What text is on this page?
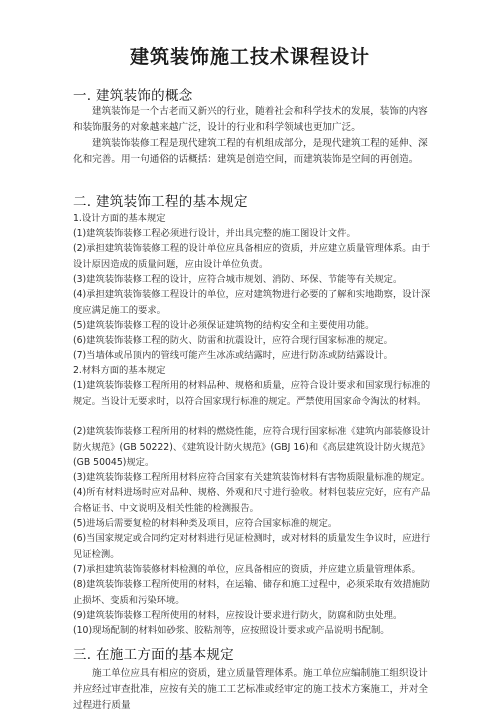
建筑装饰施工技术课程设计
一. 建筑装饰的概念

建筑装饰是一个古老而又新兴的行业，随着社会和科学技术的发展，装饰的内容和装饰服务的对象越来越广泛，设计的行业和科学领域也更加广泛。

建筑装饰装修工程是现代建筑工程的有机组成部分，是现代建筑工程的延伸、深化和完善。用一句通俗的话概括：建筑是创造空间，而建筑装饰是空间的再创造。

二. 建筑装饰工程的基本规定

1.设计方面的基本规定

(1)建筑装饰装修工程必须进行设计，并出具完整的施工图设计文件。

(2)承担建筑装饰装修工程的设计单位应具备相应的资质，并应建立质量管理体系。由于设计原因造成的质量问题，应由设计单位负责。

(3)建筑装饰装修工程的设计，应符合城市规划、消防、环保、节能等有关规定。

(4)承担建筑装饰装修工程设计的单位，应对建筑物进行必要的了解和实地勘察，设计深度应满足施工的要求。

(5)建筑装饰装修工程的设计必须保证建筑物的结构安全和主要使用功能。

(6)建筑装饰装修工程的防火、防雷和抗震设计，应符合现行国家标准的规定。

(7)当墙体或吊顶内的管线可能产生冰冻或结露时，应进行防冻或防结露设计。

2.材料方面的基本规定

(1)建筑装饰装修工程所用的材料品种、规格和质量，应符合设计要求和国家现行标准的规定。当设计无要求时，以符合国家现行标准的规定。严禁使用国家命令淘汰的材料。

(2)建筑装饰装修工程所用的材料的燃烧性能，应符合现行国家标准《建筑内部装修设计防火规范》(GB 50222)、《建筑设计防火规范》(GBJ 16)和《高层建筑设计防火规范》(GB 50045)规定。

(3)建筑装饰装修工程所用材料应符合国家有关建筑装饰材料有害物质限量标准的规定。

(4)所有材料进场时应对品种、规格、外观和尺寸进行验收。材料包装应完好，应有产品合格证书、中文说明及相关性能的检测报告。

(5)进场后需要复检的材料种类及项目，应符合国家标准的规定。

(6)当国家规定或合同约定对材料进行见证检测时，或对材料的质量发生争议时，应进行见证检测。

(7)承担建筑装饰装修材料检测的单位，应具备相应的资质，并应建立质量管理体系。

(8)建筑装饰装修工程所使用的材料，在运输、储存和施工过程中，必须采取有效措施防止损坏、变质和污染环境。

(9)建筑装饰装修工程所使用的材料，应按设计要求进行防火，防腐和防虫处理。

(10)现场配制的材料如砂浆、胶粘剂等，应按照设计要求或产品说明书配制。

三. 在施工方面的基本规定

施工单位应具有相应的资质，建立质量管理体系。施工单位应编制施工组织设计并应经过审查批准，应按有关的施工工艺标准或经审定的施工技术方案施工，并对全过程进行质量
